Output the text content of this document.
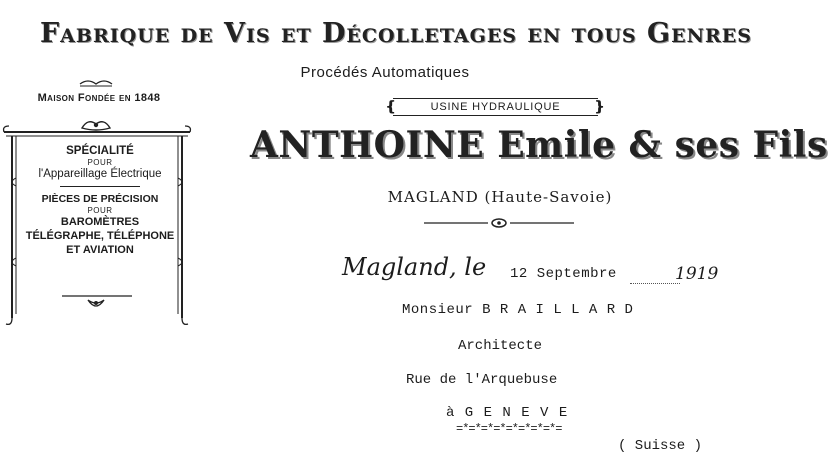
Fabrique de Vis et Décolletages en tous Genres
Procédés Automatiques
Maison Fondée en 1848	❴	USINE HYDRAULIQUE ❵
ANTHOINE Emile & ses Fils
MAGLAND (Haute-Savoie)
SPÉCIALITÉ
POUR
l'Appareillage Électrique
PIÈCES DE PRÉCISION
POUR
BAROMÈTRES
TÉLÉGRAPHE, TÉLÉPHONE
ET AVIATION
Magland, le	12 Septembre	1919
Monsieur B R A I L L A R D
Architecte
Rue de l'Arquebuse
à G E N E V E
=*=*=*=*=*=*=*=*=
( Suisse )
